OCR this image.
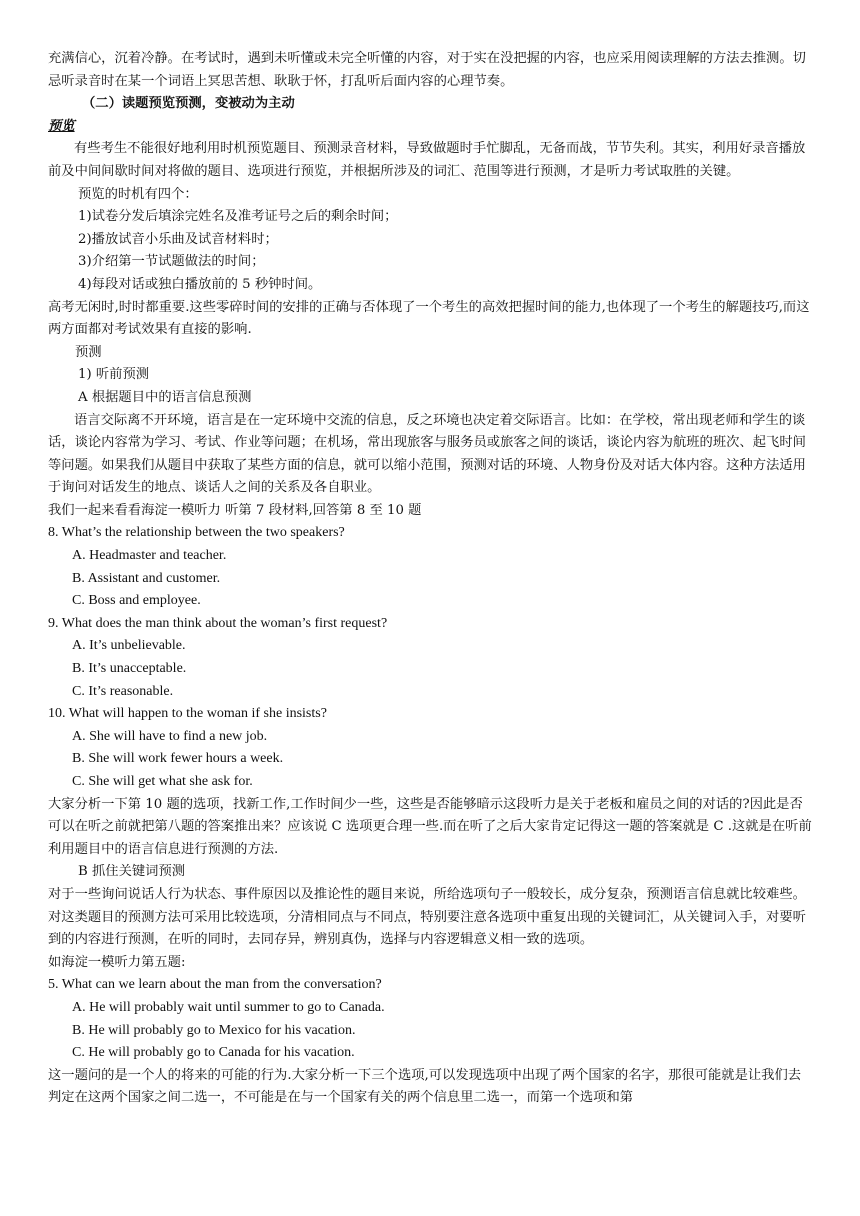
充满信心，沉着冷静。在考试时，遇到未听懂或未完全听懂的内容，对于实在没把握的内容，也应采用阅读理解的方法去推测。切忌听录音时在某一个词语上冥思苦想、耿耿于怀，打乱听后面内容的心理节奏。

（二）读题预览预测，变被动为主动

预览

有些考生不能很好地利用时机预览题目、预测录音材料，导致做题时手忙脚乱，无备而战，节节失利。其实，利用好录音播放前及中间间歇时间对将做的题目、选项进行预览，并根据所涉及的词汇、范围等进行预测，才是听力考试取胜的关键。

预览的时机有四个：

1)试卷分发后填涂完姓名及准考证号之后的剩余时间；

2)播放试音小乐曲及试音材料时；

3)介绍第一节试题做法的时间；

4)每段对话或独白播放前的 5 秒钟时间。

高考无闲时,时时都重要.这些零碎时间的安排的正确与否体现了一个考生的高效把握时间的能力,也体现了一个考生的解题技巧,而这两方面都对考试效果有直接的影响.

预测

1) 听前预测

A 根据题目中的语言信息预测

语言交际离不开环境，语言是在一定环境中交流的信息，反之环境也决定着交际语言。比如：在学校，常出现老师和学生的谈话，谈论内容常为学习、考试、作业等问题；在机场，常出现旅客与服务员或旅客之间的谈话，谈论内容为航班的班次、起飞时间等问题。如果我们从题目中获取了某些方面的信息，就可以缩小范围，预测对话的环境、人物身份及对话大体内容。这种方法适用于询问对话发生的地点、谈话人之间的关系及各自职业。

我们一起来看看海淀一模听力 听第 7 段材料,回答第 8 至 10 题

8. What’s the relationship between the two speakers?

A. Headmaster and teacher.

B. Assistant and customer.

C. Boss and employee.

9. What does the man think about the woman’s first request?

A. It’s unbelievable.

B. It’s unacceptable.

C. It’s reasonable.

10. What will happen to the woman if she insists?

A. She will have to find a new job.

B. She will work fewer hours a week.

C. She will get what she ask for.

大家分析一下第 10 题的选项，找新工作,工作时间少一些，这些是否能够暗示这段听力是关于老板和雇员之间的对话的?因此是否可以在听之前就把第八题的答案推出来？应该说 C 选项更合理一些.而在听了之后大家肯定记得这一题的答案就是 C .这就是在听前利用题目中的语言信息进行预测的方法.

B 抓住关键词预测

对于一些询问说话人行为状态、事件原因以及推论性的题目来说，所给选项句子一般较长，成分复杂，预测语言信息就比较难些。对这类题目的预测方法可采用比较选项，分清相同点与不同点，特别要注意各选项中重复出现的关键词汇，从关键词入手，对要听到的内容进行预测，在听的同时，去同存异，辨别真伪，选择与内容逻辑意义相一致的选项。

如海淀一模听力第五题:

5. What can we learn about the man from the conversation?

A. He will probably wait until summer to go to Canada.

B. He will probably go to Mexico for his vacation.

C. He will probably go to Canada for his vacation.

这一题问的是一个人的将来的可能的行为.大家分析一下三个选项,可以发现选项中出现了两个国家的名字，那很可能就是让我们去判定在这两个国家之间二选一，不可能是在与一个国家有关的两个信息里二选一，而第一个选项和第
